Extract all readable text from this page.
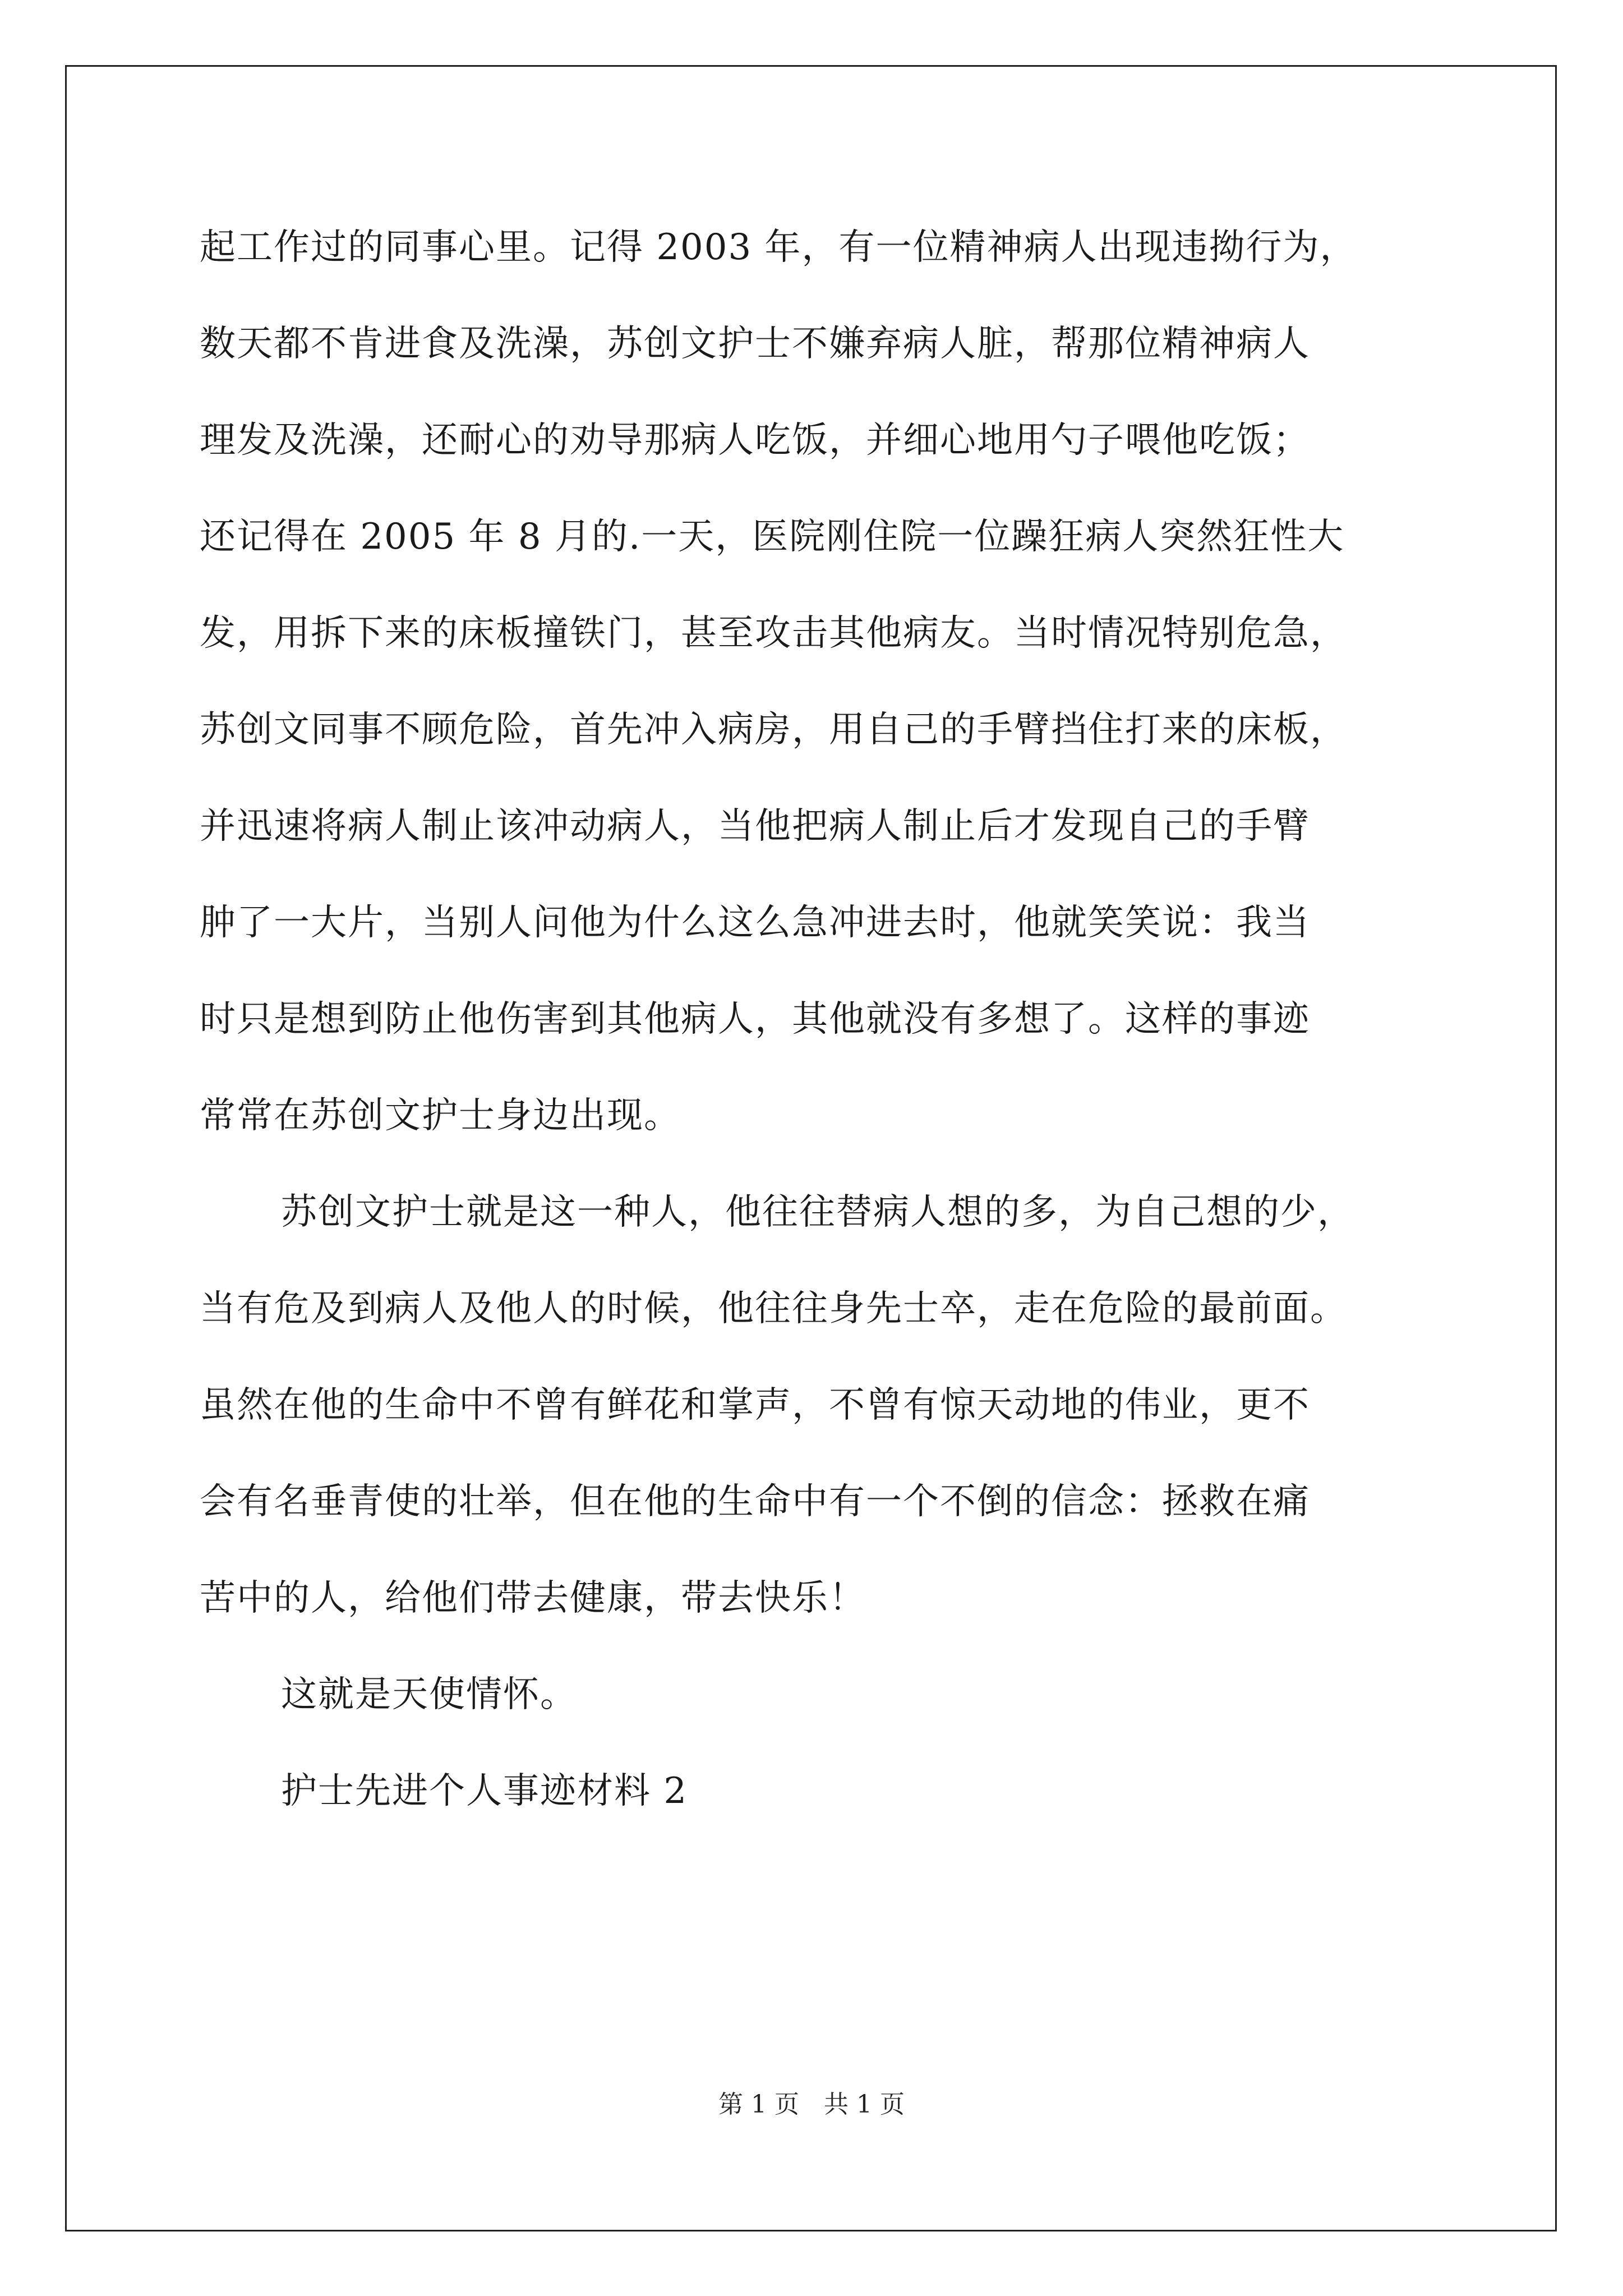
起工作过的同事心里。记得 2003 年，有一位精神病人出现违拗行为，
数天都不肯进食及洗澡，苏创文护士不嫌弃病人脏，帮那位精神病人
理发及洗澡，还耐心的劝导那病人吃饭，并细心地用勺子喂他吃饭；
还记得在 2005 年 8 月的.一天，医院刚住院一位躁狂病人突然狂性大
发，用拆下来的床板撞铁门，甚至攻击其他病友。当时情况特别危急，
苏创文同事不顾危险，首先冲入病房，用自己的手臂挡住打来的床板，
并迅速将病人制止该冲动病人，当他把病人制止后才发现自己的手臂
肿了一大片，当别人问他为什么这么急冲进去时，他就笑笑说：我当
时只是想到防止他伤害到其他病人，其他就没有多想了。这样的事迹
常常在苏创文护士身边出现。
苏创文护士就是这一种人，他往往替病人想的多，为自己想的少，
当有危及到病人及他人的时候，他往往身先士卒，走在危险的最前面。
虽然在他的生命中不曾有鲜花和掌声，不曾有惊天动地的伟业，更不
会有名垂青使的壮举，但在他的生命中有一个不倒的信念：拯救在痛
苦中的人，给他们带去健康，带去快乐！
这就是天使情怀。
护士先进个人事迹材料 2
第 1 页　共 1 页
